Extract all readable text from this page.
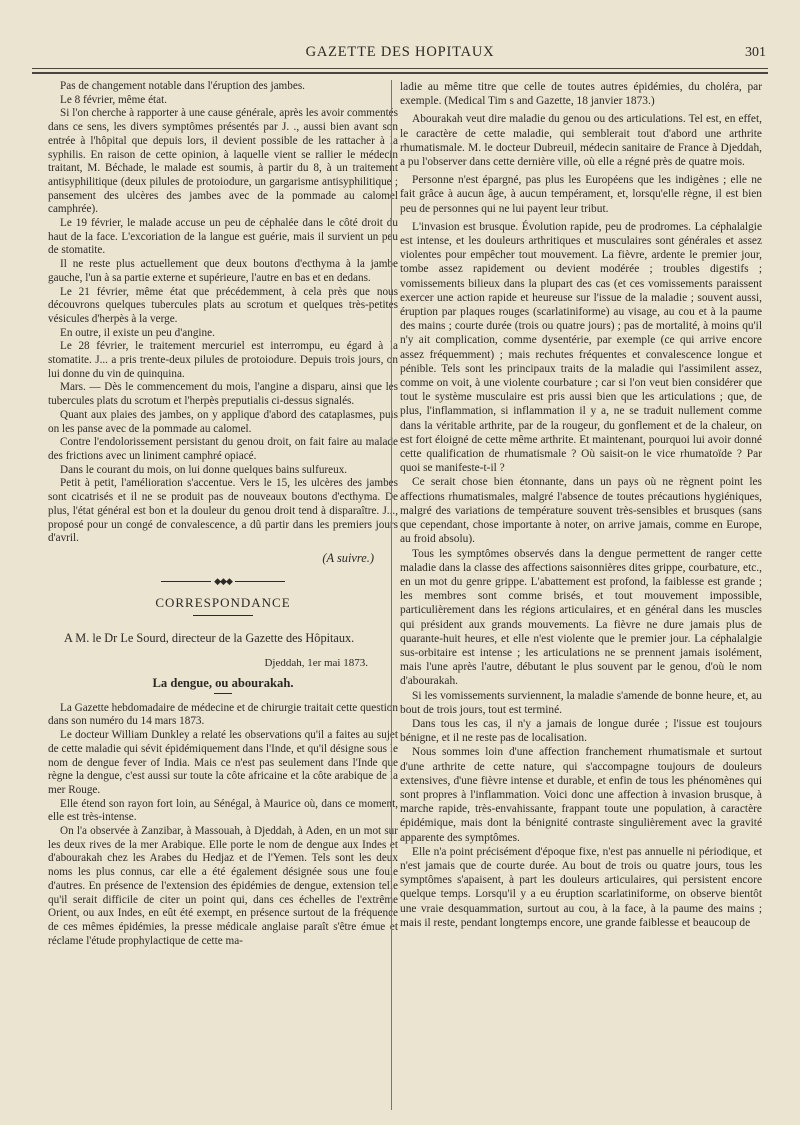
GAZETTE DES HOPITAUX	301

Pas de changement notable dans l'éruption des jambes.

Le 8 février, même état.

Si l'on cherche à rapporter à une cause générale, après les avoir commentés dans ce sens, les divers symptômes présentés par J. ., aussi bien avant son entrée à l'hôpital que depuis lors, il devient possible de les rattacher à la syphilis. En raison de cette opinion, à laquelle vient se rallier le médecin traitant, M. Béchade, le malade est soumis, à partir du 8, à un traitement antisyphilitique (deux pilules de protoiodure, un gargarisme antisyphilitique ; pansement des ulcères des jambes avec de la pommade au calomel camphrée).

Le 19 février, le malade accuse un peu de céphalée dans le côté droit du haut de la face. L'excoriation de la langue est guérie, mais il survient un peu de stomatite.

Il ne reste plus actuellement que deux boutons d'ecthyma à la jambe gauche, l'un à sa partie externe et supérieure, l'autre en bas et en dedans.

Le 21 février, même état que précédemment, à cela près que nous découvrons quelques tubercules plats au scrotum et quelques très-petites vésicules d'herpès à la verge.

En outre, il existe un peu d'angine.

Le 28 février, le traitement mercuriel est interrompu, eu égard à la stomatite. J... a pris trente-deux pilules de protoiodure. Depuis trois jours, on lui donne du vin de quinquina.

Mars. — Dès le commencement du mois, l'angine a disparu, ainsi que les tubercules plats du scrotum et l'herpès preputialis ci-dessus signalés.

Quant aux plaies des jambes, on y applique d'abord des cataplasmes, puis on les panse avec de la pommade au calomel.

Contre l'endolorissement persistant du genou droit, on fait faire au malade des frictions avec un liniment camphré opiacé.

Dans le courant du mois, on lui donne quelques bains sulfureux.

Petit à petit, l'amélioration s'accentue. Vers le 15, les ulcères des jambes sont cicatrisés et il ne se produit pas de nouveaux boutons d'ecthyma. De plus, l'état général est bon et la douleur du genou droit tend à disparaître. J..., proposé pour un congé de convalescence, a dû partir dans les premiers jours d'avril.

(A suivre.)

◆◆◆
CORRESPONDANCE

A M. le Dr Le Sourd, directeur de la Gazette des Hôpitaux.

Djeddah, 1er mai 1873.

La dengue, ou abourakah.

La Gazette hebdomadaire de médecine et de chirurgie traitait cette question dans son numéro du 14 mars 1873.

Le docteur William Dunkley a relaté les observations qu'il a faites au sujet de cette maladie qui sévit épidémiquement dans l'Inde, et qu'il désigne sous le nom de dengue fever of India. Mais ce n'est pas seulement dans l'Inde que règne la dengue, c'est aussi sur toute la côte africaine et la côte arabique de la mer Rouge.

Elle étend son rayon fort loin, au Sénégal, à Maurice où, dans ce moment, elle est très-intense.

On l'a observée à Zanzibar, à Massouah, à Djeddah, à Aden, en un mot sur les deux rives de la mer Arabique. Elle porte le nom de dengue aux Indes et d'abourakah chez les Arabes du Hedjaz et de l'Yemen. Tels sont les deux noms les plus connus, car elle a été également désignée sous une foule d'autres. En présence de l'extension des épidémies de dengue, extension telle qu'il serait difficile de citer un point qui, dans ces échelles de l'extrême Orient, ou aux Indes, en eût été exempt, en présence surtout de la fréquence de ces mêmes épidémies, la presse médicale anglaise paraît s'être émue et réclame l'étude prophylactique de cette ma-

ladie au même titre que celle de toutes autres épidémies, du choléra, par exemple. (Medical Tim s and Gazette, 18 janvier 1873.)

Abourakah veut dire maladie du genou ou des articulations. Tel est, en effet, le caractère de cette maladie, qui semblerait tout d'abord une arthrite rhumatismale. M. le docteur Dubreuil, médecin sanitaire de France à Djeddah, a pu l'observer dans cette dernière ville, où elle a régné près de quatre mois.

Personne n'est épargné, pas plus les Européens que les indigènes ; elle ne fait grâce à aucun âge, à aucun tempérament, et, lorsqu'elle règne, il est bien peu de personnes qui ne lui payent leur tribut.

L'invasion est brusque. Évolution rapide, peu de prodromes. La céphalalgie est intense, et les douleurs arthritiques et musculaires sont générales et assez violentes pour empêcher tout mouvement. La fièvre, ardente le premier jour, tombe assez rapidement ou devient modérée ; troubles digestifs ; vomissements bilieux dans la plupart des cas (et ces vomissements paraissent exercer une action rapide et heureuse sur l'issue de la maladie ; souvent aussi, éruption par plaques rouges (scarlatiniforme) au visage, au cou et à la paume des mains ; courte durée (trois ou quatre jours) ; pas de mortalité, à moins qu'il n'y ait complication, comme dysentérie, par exemple (ce qui arrive encore assez fréquemment) ; mais rechutes fréquentes et convalescence longue et pénible. Tels sont les principaux traits de la maladie qui l'assimilent assez, comme on voit, à une violente courbature ; car si l'on veut bien considérer que tout le système musculaire est pris aussi bien que les articulations ; que, de plus, l'inflammation, si inflammation il y a, ne se traduit nullement comme dans la véritable arthrite, par de la rougeur, du gonflement et de la chaleur, on est fort éloigné de cette même arthrite. Et maintenant, pourquoi lui avoir donné cette qualification de rhumatismale ? Où saisit-on le vice rhumatoïde ? Par quoi se manifeste-t-il ?

Ce serait chose bien étonnante, dans un pays où ne règnent point les affections rhumatismales, malgré l'absence de toutes précautions hygiéniques, malgré des variations de température souvent très-sensibles et brusques (sans que cependant, chose importante à noter, on arrive jamais, comme en Europe, au froid absolu).

Tous les symptômes observés dans la dengue permettent de ranger cette maladie dans la classe des affections saisonnières dites grippe, courbature, etc., en un mot du genre grippe. L'abattement est profond, la faiblesse est grande ; les membres sont comme brisés, et tout mouvement impossible, particulièrement dans les régions articulaires, et en général dans les muscles qui président aux grands mouvements. La fièvre ne dure jamais plus de quarante-huit heures, et elle n'est violente que le premier jour. La céphalalgie sus-orbitaire est intense ; les articulations ne se prennent jamais isolément, mais l'une après l'autre, débutant le plus souvent par le genou, d'où le nom d'abourakah.

Si les vomissements surviennent, la maladie s'amende de bonne heure, et, au bout de trois jours, tout est terminé.

Dans tous les cas, il n'y a jamais de longue durée ; l'issue est toujours bénigne, et il ne reste pas de localisation.

Nous sommes loin d'une affection franchement rhumatismale et surtout d'une arthrite de cette nature, qui s'accompagne toujours de douleurs extensives, d'une fièvre intense et durable, et enfin de tous les phénomènes qui sont propres à l'inflammation. Voici donc une affection à invasion brusque, à marche rapide, très-envahissante, frappant toute une population, à caractère épidémique, mais dont la bénignité contraste singulièrement avec la gravité apparente des symptômes.

Elle n'a point précisément d'époque fixe, n'est pas annuelle ni périodique, et n'est jamais que de courte durée. Au bout de trois ou quatre jours, tous les symptômes s'apaisent, à part les douleurs articulaires, qui persistent encore quelque temps. Lorsqu'il y a eu éruption scarlatiniforme, on observe bientôt une vraie desquammation, surtout au cou, à la face, à la paume des mains ; mais il reste, pendant longtemps encore, une grande faiblesse et beaucoup de
